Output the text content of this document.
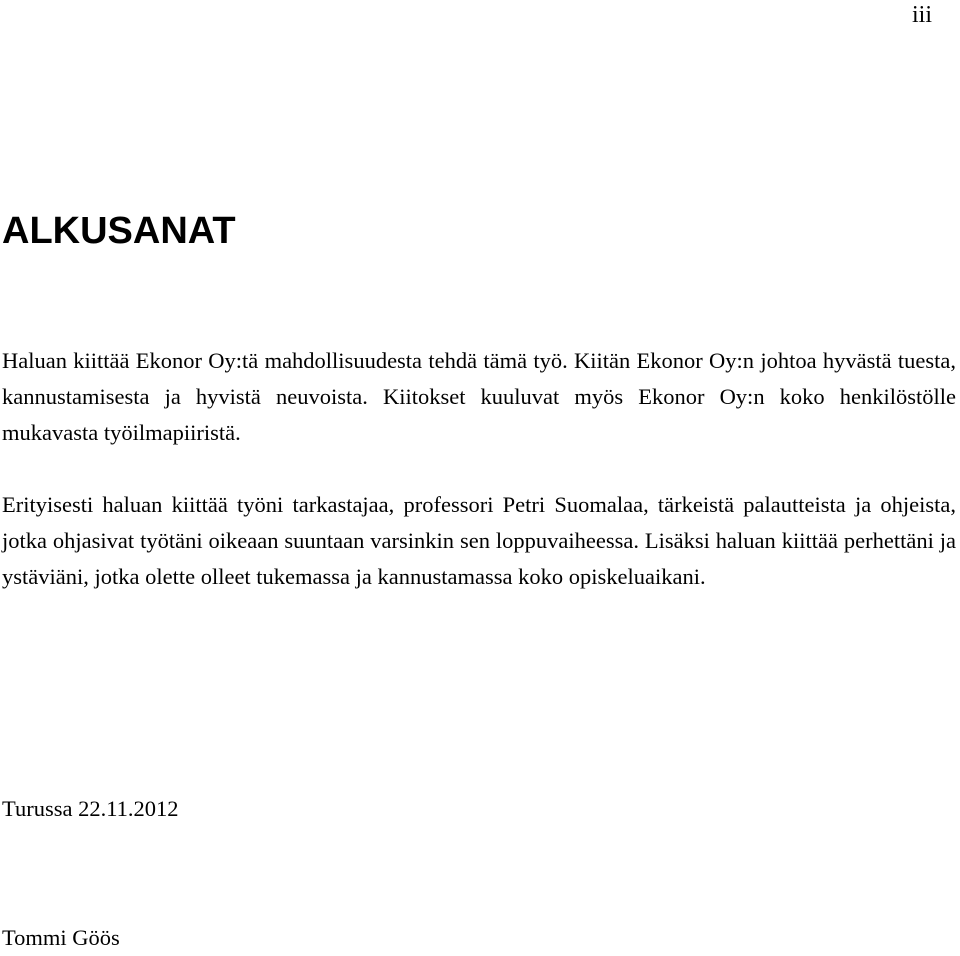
iii
ALKUSANAT

Haluan kiittää Ekonor Oy:tä mahdollisuudesta tehdä tämä työ. Kiitän Ekonor Oy:n johtoa hyvästä tuesta, kannustamisesta ja hyvistä neuvoista. Kiitokset kuuluvat myös Ekonor Oy:n koko henkilöstölle mukavasta työilmapiiristä.

Erityisesti haluan kiittää työni tarkastajaa, professori Petri Suomalaa, tärkeistä palautteista ja ohjeista, jotka ohjasivat työtäni oikeaan suuntaan varsinkin sen loppuvaiheessa. Lisäksi haluan kiittää perhettäni ja ystäviäni, jotka olette olleet tukemassa ja kannustamassa koko opiskeluaikani.

Turussa 22.11.2012

Tommi Göös
